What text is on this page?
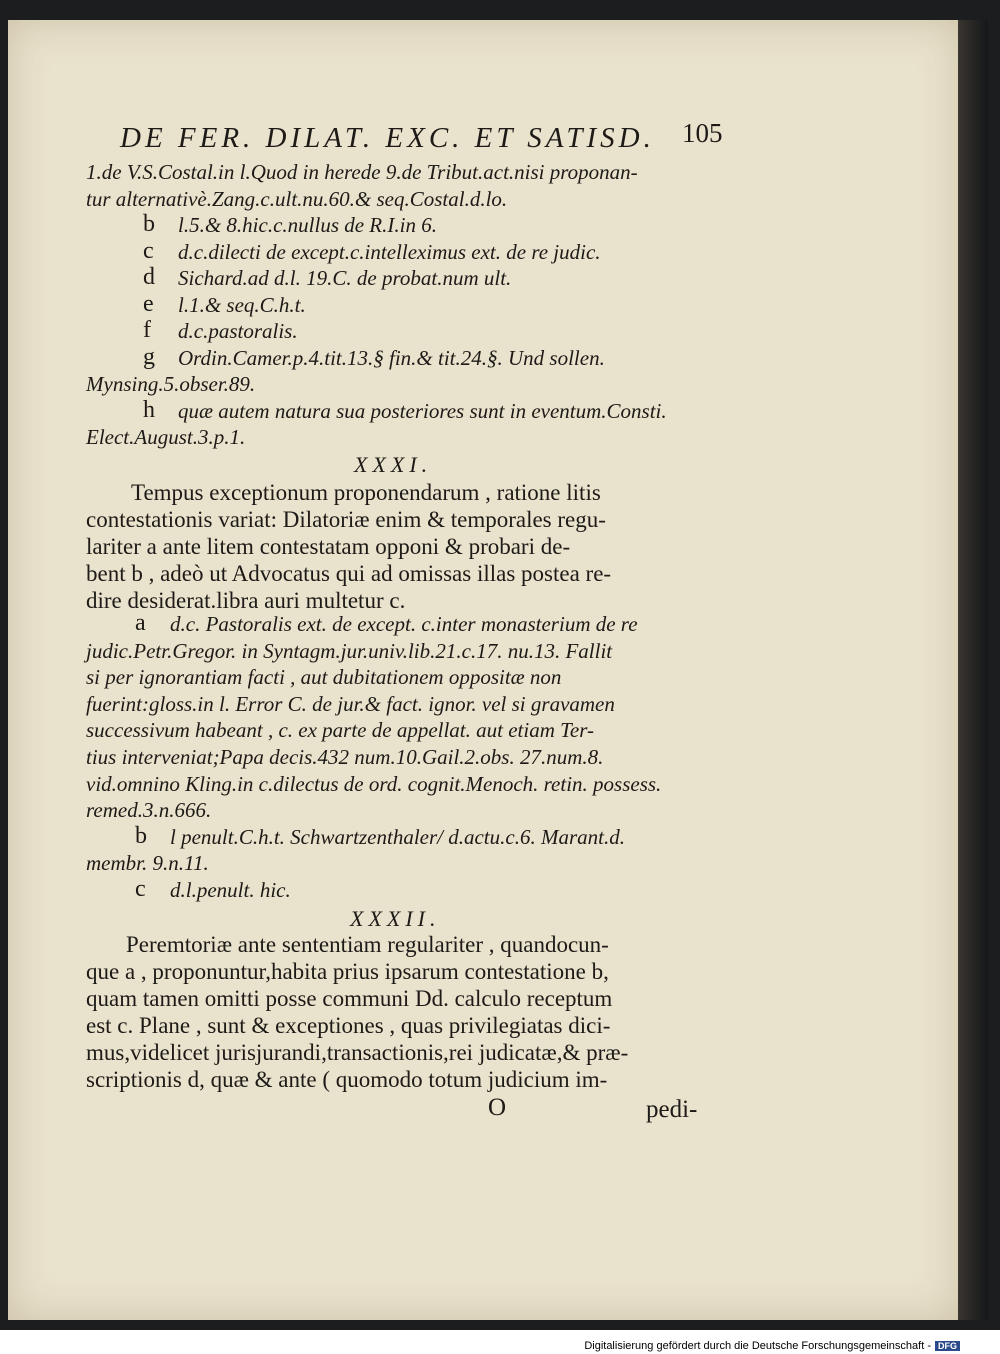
DE FER. DILAT. EXC. ET SATISD. 105
1.de V.S.Costal.in l.Quod in herede 9.de Tribut.act.nisi proponan-
tur alternativè.Zang.c.ult.nu.60.& seq.Costal.d.lo.
b l.5.& 8.hic.c.nullus de R.I.in 6.
c d.c.dilecti de except.c.intelleximus ext. de re judic.
d Sichard.ad d.l. 19.C. de probat.num ult.
e l.1.& seq.C.h.t.
f d.c.pastoralis.
g Ordin.Camer.p.4.tit.13.§ fin.& tit.24.§. Und sollen.
Mynsing.5.obser.89.
h quæ autem natura sua posteriores sunt in eventum.Consti.
Elect.August.3.p.1.
XXXI.
Tempus exceptionum proponendarum , ratione litis
contestationis variat: Dilatoriæ enim & temporales regu-
lariter a ante litem contestatam opponi & probari de-
bent b , adeò ut Advocatus qui ad omissas illas postea re-
dire desiderat.libra auri multetur c.
a d.c. Pastoralis ext. de except. c.inter monasterium de re
judic.Petr.Gregor. in Syntagm.jur.univ.lib.21.c.17. nu.13. Fallit
si per ignorantiam facti , aut dubitationem oppositæ non
fuerint:gloss.in l. Error C. de jur.& fact. ignor. vel si gravamen
successivum habeant , c. ex parte de appellat. aut etiam Ter-
tius interveniat;Papa decis.432 num.10.Gail.2.obs. 27.num.8.
vid.omnino Kling.in c.dilectus de ord. cognit.Menoch. retin. possess.
remed.3.n.666.
b l penult.C.h.t. Schwartzenthaler/ d.actu.c.6. Marant.d.
membr. 9.n.11.
c d.l.penult. hic.
XXXII.
Peremtoriæ ante sententiam regulariter , quandocun-
que a , proponuntur,habita prius ipsarum contestatione b,
quam tamen omitti posse communi Dd. calculo receptum
est c. Plane , sunt & exceptiones , quas privilegiatas dici-
mus,videlicet jurisjurandi,transactionis,rei judicatæ,& præ-
scriptionis d, quæ & ante ( quomodo totum judicium im-
O	pedi-
Digitalisierung gefördert durch die Deutsche Forschungsgemeinschaft - DFG
